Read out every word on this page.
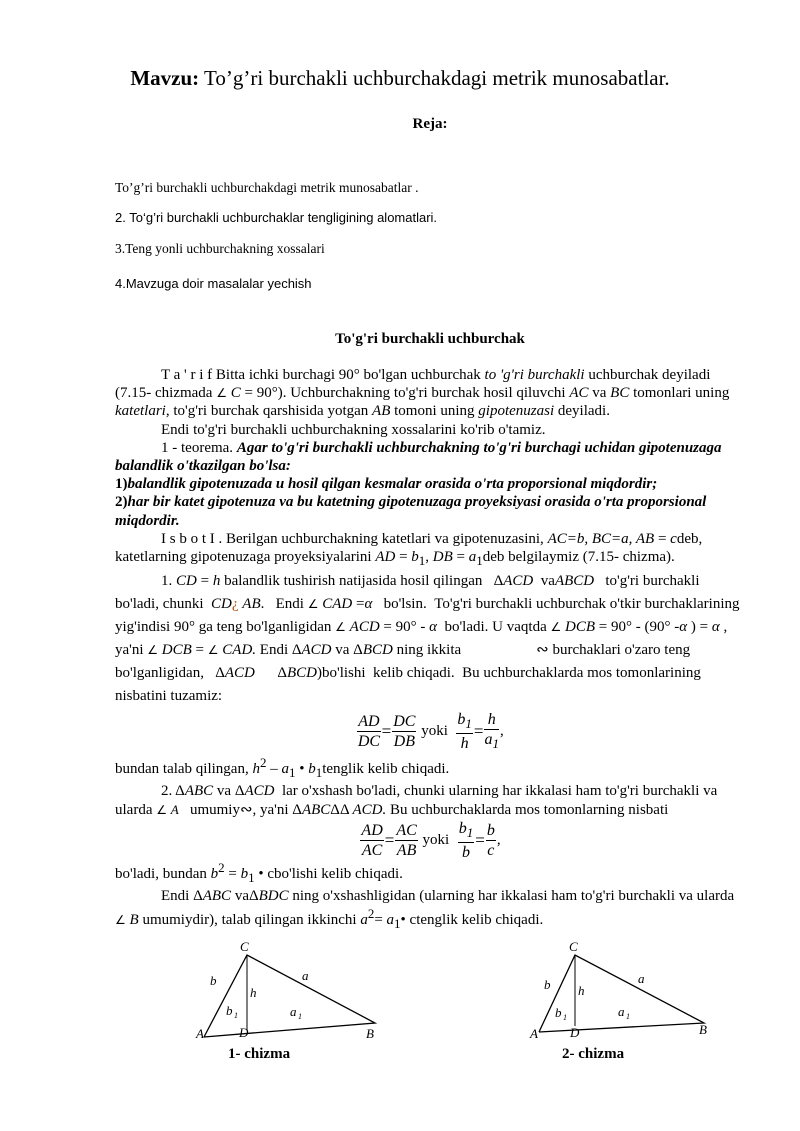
Mavzu: To’g’ri burchakli uchburchakdagi metrik munosabatlar.
Reja:
To’g’ri burchakli uchburchakdagi metrik munosabatlar .
2. To‘g’ri burchakli uchburchaklar tengligining alomatlari.
3.Teng yonli uchburchakning xossalari
4.Mavzuga doir masalalar yechish
To'g'ri burchakli uchburchak

T a ' r i f Bitta ichki burchagi 90° bo'lgan uchburchak to 'g'ri burchakli uchburchak deyiladi (7.15- chizmada ∠ C = 90°). Uchburchakning to'g'ri burchak hosil qiluvchi AC va BC tomonlari uning katetlari, to'g'ri burchak qarshisida yotgan AB tomoni uning gipotenuzasi deyiladi.

Endi to'g'ri burchakli uchburchakning xossalarini ko'rib o'tamiz.

1 - teorema. Agar to'g'ri burchakli uchburchakning to'g'ri burchagi uchidan gipotenuzaga balandlik o'tkazilgan bo'lsa:

1)balandlik gipotenuzada u hosil qilgan kesmalar orasida o'rta proporsional miqdordir;

2)har bir katet gipotenuza va bu katetning gipotenuzaga proyeksiyasi orasida o'rta proporsional miqdordir.

I s b o t I . Berilgan uchburchakning katetlari va gipotenuzasini, AC=b, BC=a, AB = cdeb, katetlarning gipotenuzaga proyeksiyalarini AD = $b_1$, DB = $a_1deb$ belgilaymiz (7.15- chizma).

1. CD = h balandlik tushirish natijasida hosil qilingan   ΔACD  vaABCD   to'g'ri burchakli bo'ladi, chunki  CD¿ AB.   Endi ∠ CAD =α   bo'lsin.  To'g'ri burchakli uchburchak o'tkir burchaklarining yig'indisi 90° ga teng bo'lganligidan ∠ ACD = 90° - α  bo'ladi. U vaqtda ∠ DCB = 90° - (90° -α ) = α , ya'ni ∠ DCB = ∠ CAD. Endi ΔACD va ΔBCD ning ikkita                    ∾ burchaklari o'zaro teng bo'lganligidan,   ΔACD      ΔBCD)bo'lishi  kelib chiqadi.  Bu uchburchaklarda mos tomonlarining nisbatini tuzamiz:

$\frac{AD}{DC} = \frac{DC}{DB}$ yoki $\frac{b_1}{h} = \frac{h}{a_1}$ ,

bundan talab qilingan, $h^2 - a_1$ • $b_1tenglik$ kelib chiqadi.

2. ΔABC va ΔACD  lar o'xshash bo'ladi, chunki ularning har ikkalasi ham to'g'ri burchakli va ularda ∠ A   umumiy∾, ya'ni ΔABCΔΔ ACD. Bu uchburchaklarda mos tomonlarning nisbati

$\frac{AD}{AC} = \frac{AC}{AB}$ yoki $\frac{b_1}{b} = \frac{b}{c}$ ,

bo'ladi, bundan $b^2 = b_1$ • cbo'lishi kelib chiqadi.

Endi ΔABC vaΔBDC ning o'xshashligidan (ularning har ikkalasi ham to'g'ri burchakli va ularda ∠ B umumiydir), talab qilingan ikkinchi $a^2=$ $a_1•$ ctenglik kelib chiqadi.

C
A	B
D
a
b
h
b 1	a 1
1- chizma
C
A	B
D
a
b h
b 1	a 1
2- chizma
